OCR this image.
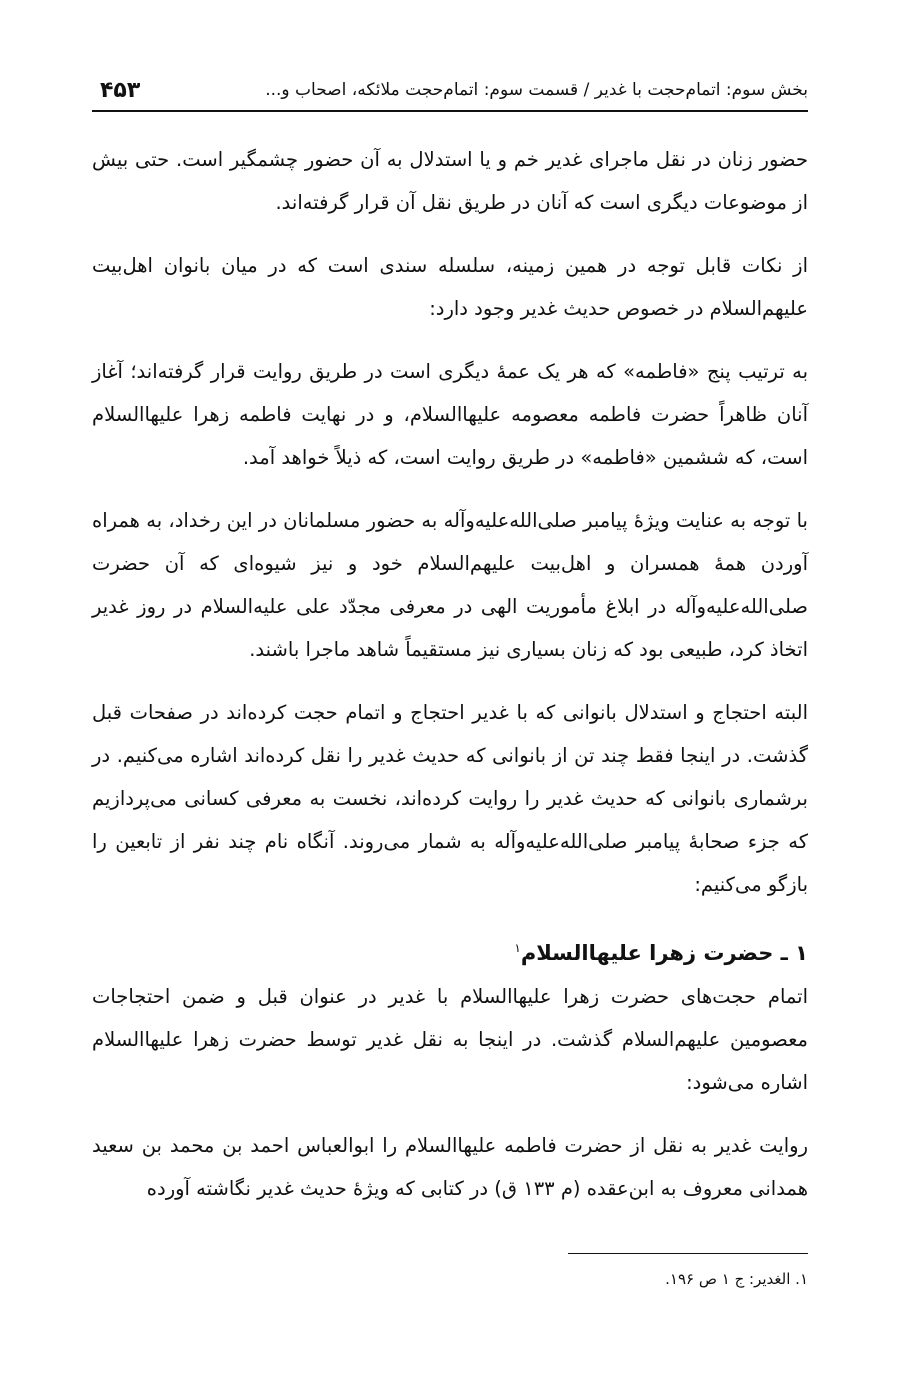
بخش سوم: اتمام‌حجت با غدیر / قسمت سوم: اتمام‌حجت ملائکه، اصحاب و...
۴۵۳

حضور زنان در نقل ماجرای غدیر خم و یا استدلال به آن حضور چشمگیر است. حتی بیش از موضوعات دیگری است که آنان در طریق نقل آن قرار گرفته‌اند.

از نکات قابل توجه در همین زمینه، سلسله سندی است که در میان بانوان اهل‌بیت علیهم‌السلام در خصوص حدیث غدیر وجود دارد:

به ترتیب پنج «فاطمه» که هر یک عمهٔ دیگری است در طریق روایت قرار گرفته‌اند؛ آغاز آنان ظاهراً حضرت فاطمه معصومه علیها‌السلام، و در نهایت فاطمه زهرا علیها‌السلام است، که ششمین «فاطمه» در طریق روایت است، که ذیلاً خواهد آمد.

با توجه به عنایت ویژهٔ پیامبر صلی‌الله‌علیه‌وآله به حضور مسلمانان در این رخداد، به همراه آوردن همهٔ همسران و اهل‌بیت علیهم‌السلام خود و نیز شیوه‌ای که آن حضرت صلی‌الله‌علیه‌وآله در ابلاغ مأموریت الهی در معرفی مجدّد علی علیه‌السلام در روز غدیر اتخاذ کرد، طبیعی بود که زنان بسیاری نیز مستقیماً شاهد ماجرا باشند.

البته احتجاج و استدلال بانوانی که با غدیر احتجاج و اتمام حجت کرده‌اند در صفحات قبل گذشت. در اینجا فقط چند تن از بانوانی که حدیث غدیر را نقل کرده‌اند اشاره می‌کنیم. در برشماری بانوانی که حدیث غدیر را روایت کرده‌اند، نخست به معرفی کسانی می‌پردازیم که جزء صحابهٔ پیامبر صلی‌الله‌علیه‌وآله به شمار می‌روند. آنگاه نام چند نفر از تابعین را بازگو می‌کنیم:

۱ ـ حضرت زهرا علیها‌السلام$^۱$

اتمام حجت‌های حضرت زهرا علیها‌السلام با غدیر در عنوان قبل و ضمن احتجاجات معصومین علیهم‌السلام گذشت. در اینجا به نقل غدیر توسط حضرت زهرا علیها‌السلام اشاره می‌شود:

روایت غدیر به نقل از حضرت فاطمه علیها‌السلام را ابوالعباس احمد بن محمد بن سعید همدانی معروف به ابن‌عقده (م ۱۳۳ ق) در کتابی که ویژهٔ حدیث غدیر نگاشته آورده

۱. الغدیر: ج ۱ ص ۱۹۶.
